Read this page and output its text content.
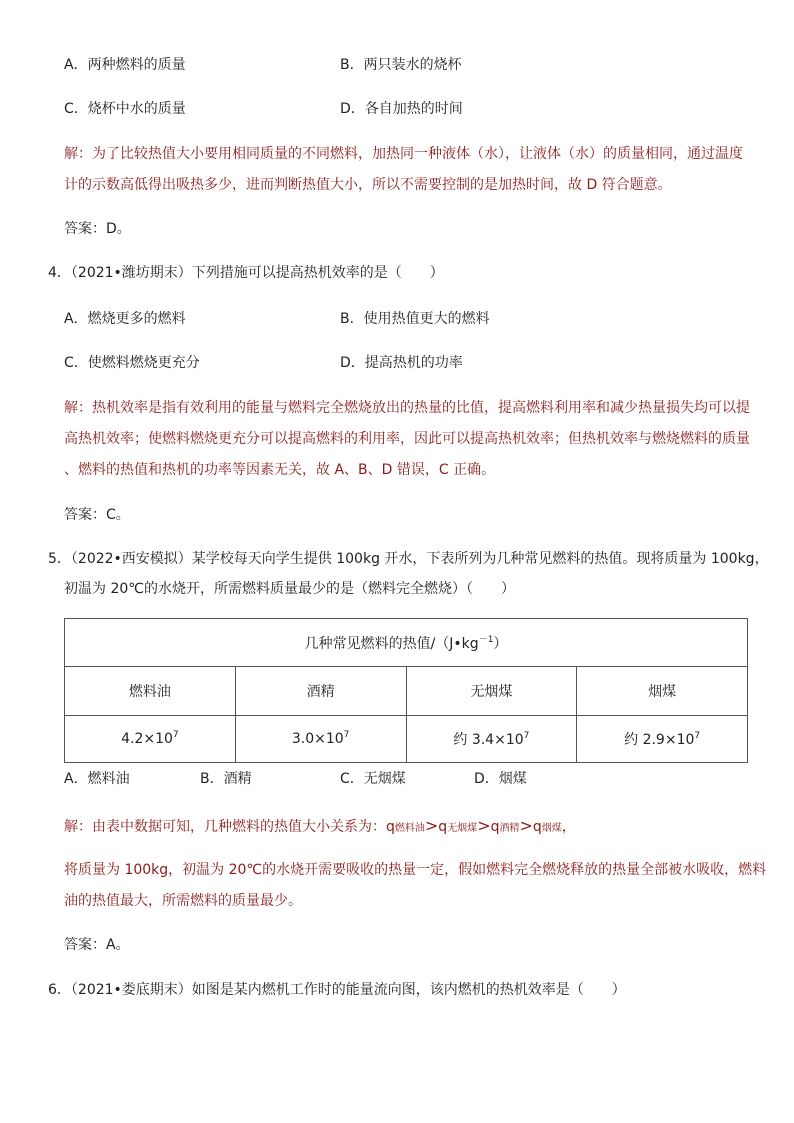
A．两种燃料的质量	B．两只装水的烧杯
C．烧杯中水的质量	D．各自加热的时间
解：为了比较热值大小要用相同质量的不同燃料，加热同一种液体（水），让液体（水）的质量相同，通过温度
计的示数高低得出吸热多少，进而判断热值大小，所以不需要控制的是加热时间，故 D 符合题意。
答案：D。
4．（2021•潍坊期末）下列措施可以提高热机效率的是（　　）
A．燃烧更多的燃料	B．使用热值更大的燃料
C．使燃料燃烧更充分	D．提高热机的功率
解：热机效率是指有效利用的能量与燃料完全燃烧放出的热量的比值，提高燃料利用率和减少热量损失均可以提
高热机效率；使燃料燃烧更充分可以提高燃料的利用率，因此可以提高热机效率；但热机效率与燃烧燃料的质量
、燃料的热值和热机的功率等因素无关，故 A、B、D 错误，C 正确。
答案：C。
5．（2022•西安模拟）某学校每天向学生提供 100kg 开水，下表所列为几种常见燃料的热值。现将质量为 100kg，
初温为 20℃的水烧开，所需燃料质量最少的是（燃料完全燃烧）（　　）
几种常见燃料的热值$/(J•kg^{-1})$			
燃料油	酒精	无烟煤	烟煤
$4.2\times 10^7$	$3.0\times 10^7$	约 $3.4\times 10^7$	约 $2.9\times 10^7$
A．燃料油	B．酒精	C．无烟煤	D．烟煤
解：由表中数据可知，几种燃料的热值大小关系为：q燃料油>q无烟煤>q酒精>q烟煤，
将质量为 100kg，初温为 20℃的水烧开需要吸收的热量一定，假如燃料完全燃烧释放的热量全部被水吸收，燃料
油的热值最大，所需燃料的质量最少。
答案：A。
6．（2021•娄底期末）如图是某内燃机工作时的能量流向图，该内燃机的热机效率是（　　）
